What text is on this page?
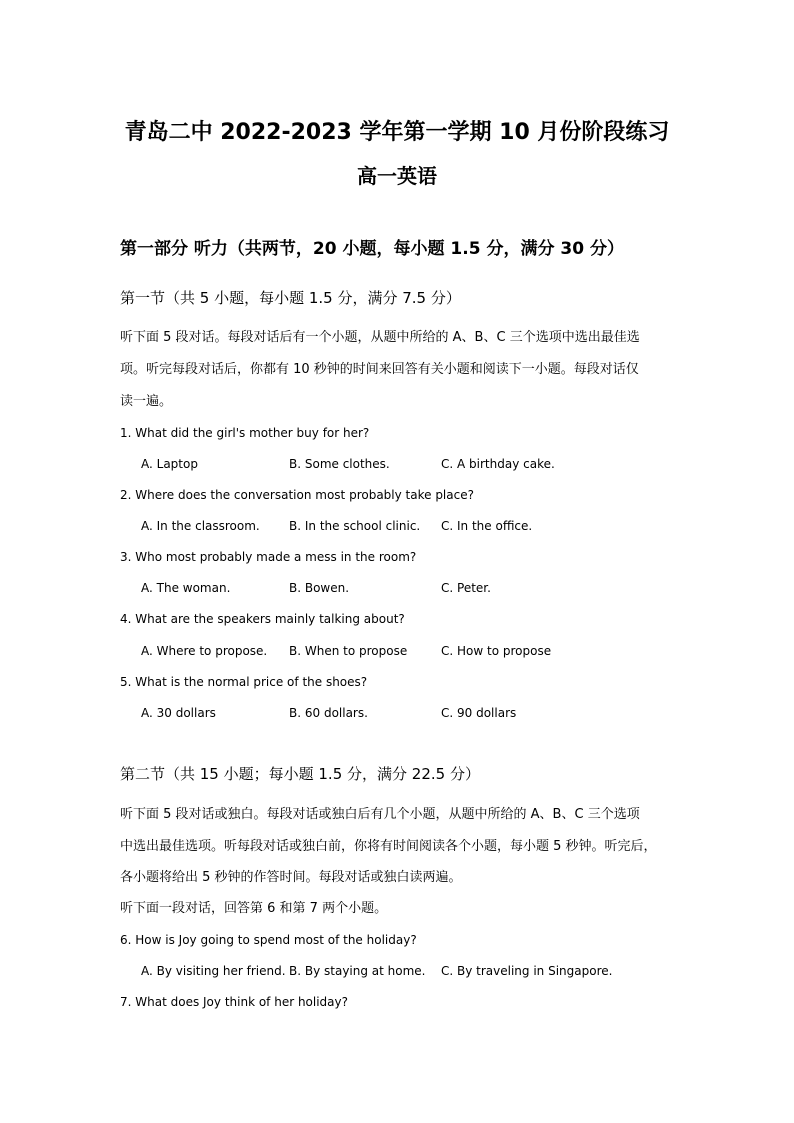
青岛二中 2022-2023 学年第一学期 10 月份阶段练习
高一英语
第一部分 听力（共两节，20 小题，每小题 1.5 分，满分 30 分）
第一节（共 5 小题，每小题 1.5 分，满分 7.5 分）
听下面 5 段对话。每段对话后有一个小题，从题中所给的 A、B、C 三个选项中选出最佳选
项。听完每段对话后，你都有 10 秒钟的时间来回答有关小题和阅读下一小题。每段对话仅
读一遍。
1. What did the girl's mother buy for her?
A. Laptop	B. Some clothes.	C. A birthday cake.
2. Where does the conversation most probably take place?
A. In the classroom. B. In the school clinic. C. In the office.
3. Who most probably made a mess in the room?
A. The woman.	B. Bowen.	C. Peter.
4. What are the speakers mainly talking about?
A. Where to propose. B. When to propose	C. How to propose
5. What is the normal price of the shoes?
A. 30 dollars	B. 60 dollars.	C. 90 dollars
第二节（共 15 小题；每小题 1.5 分，满分 22.5 分）
听下面 5 段对话或独白。每段对话或独白后有几个小题，从题中所给的 A、B、C 三个选项
中选出最佳选项。听每段对话或独白前，你将有时间阅读各个小题，每小题 5 秒钟。听完后，
各小题将给出 5 秒钟的作答时间。每段对话或独白读两遍。
听下面一段对话，回答第 6 和第 7 两个小题。
6. How is Joy going to spend most of the holiday?
A. By visiting her friend. B. By staying at home. C. By traveling in Singapore.
7. What does Joy think of her holiday?
